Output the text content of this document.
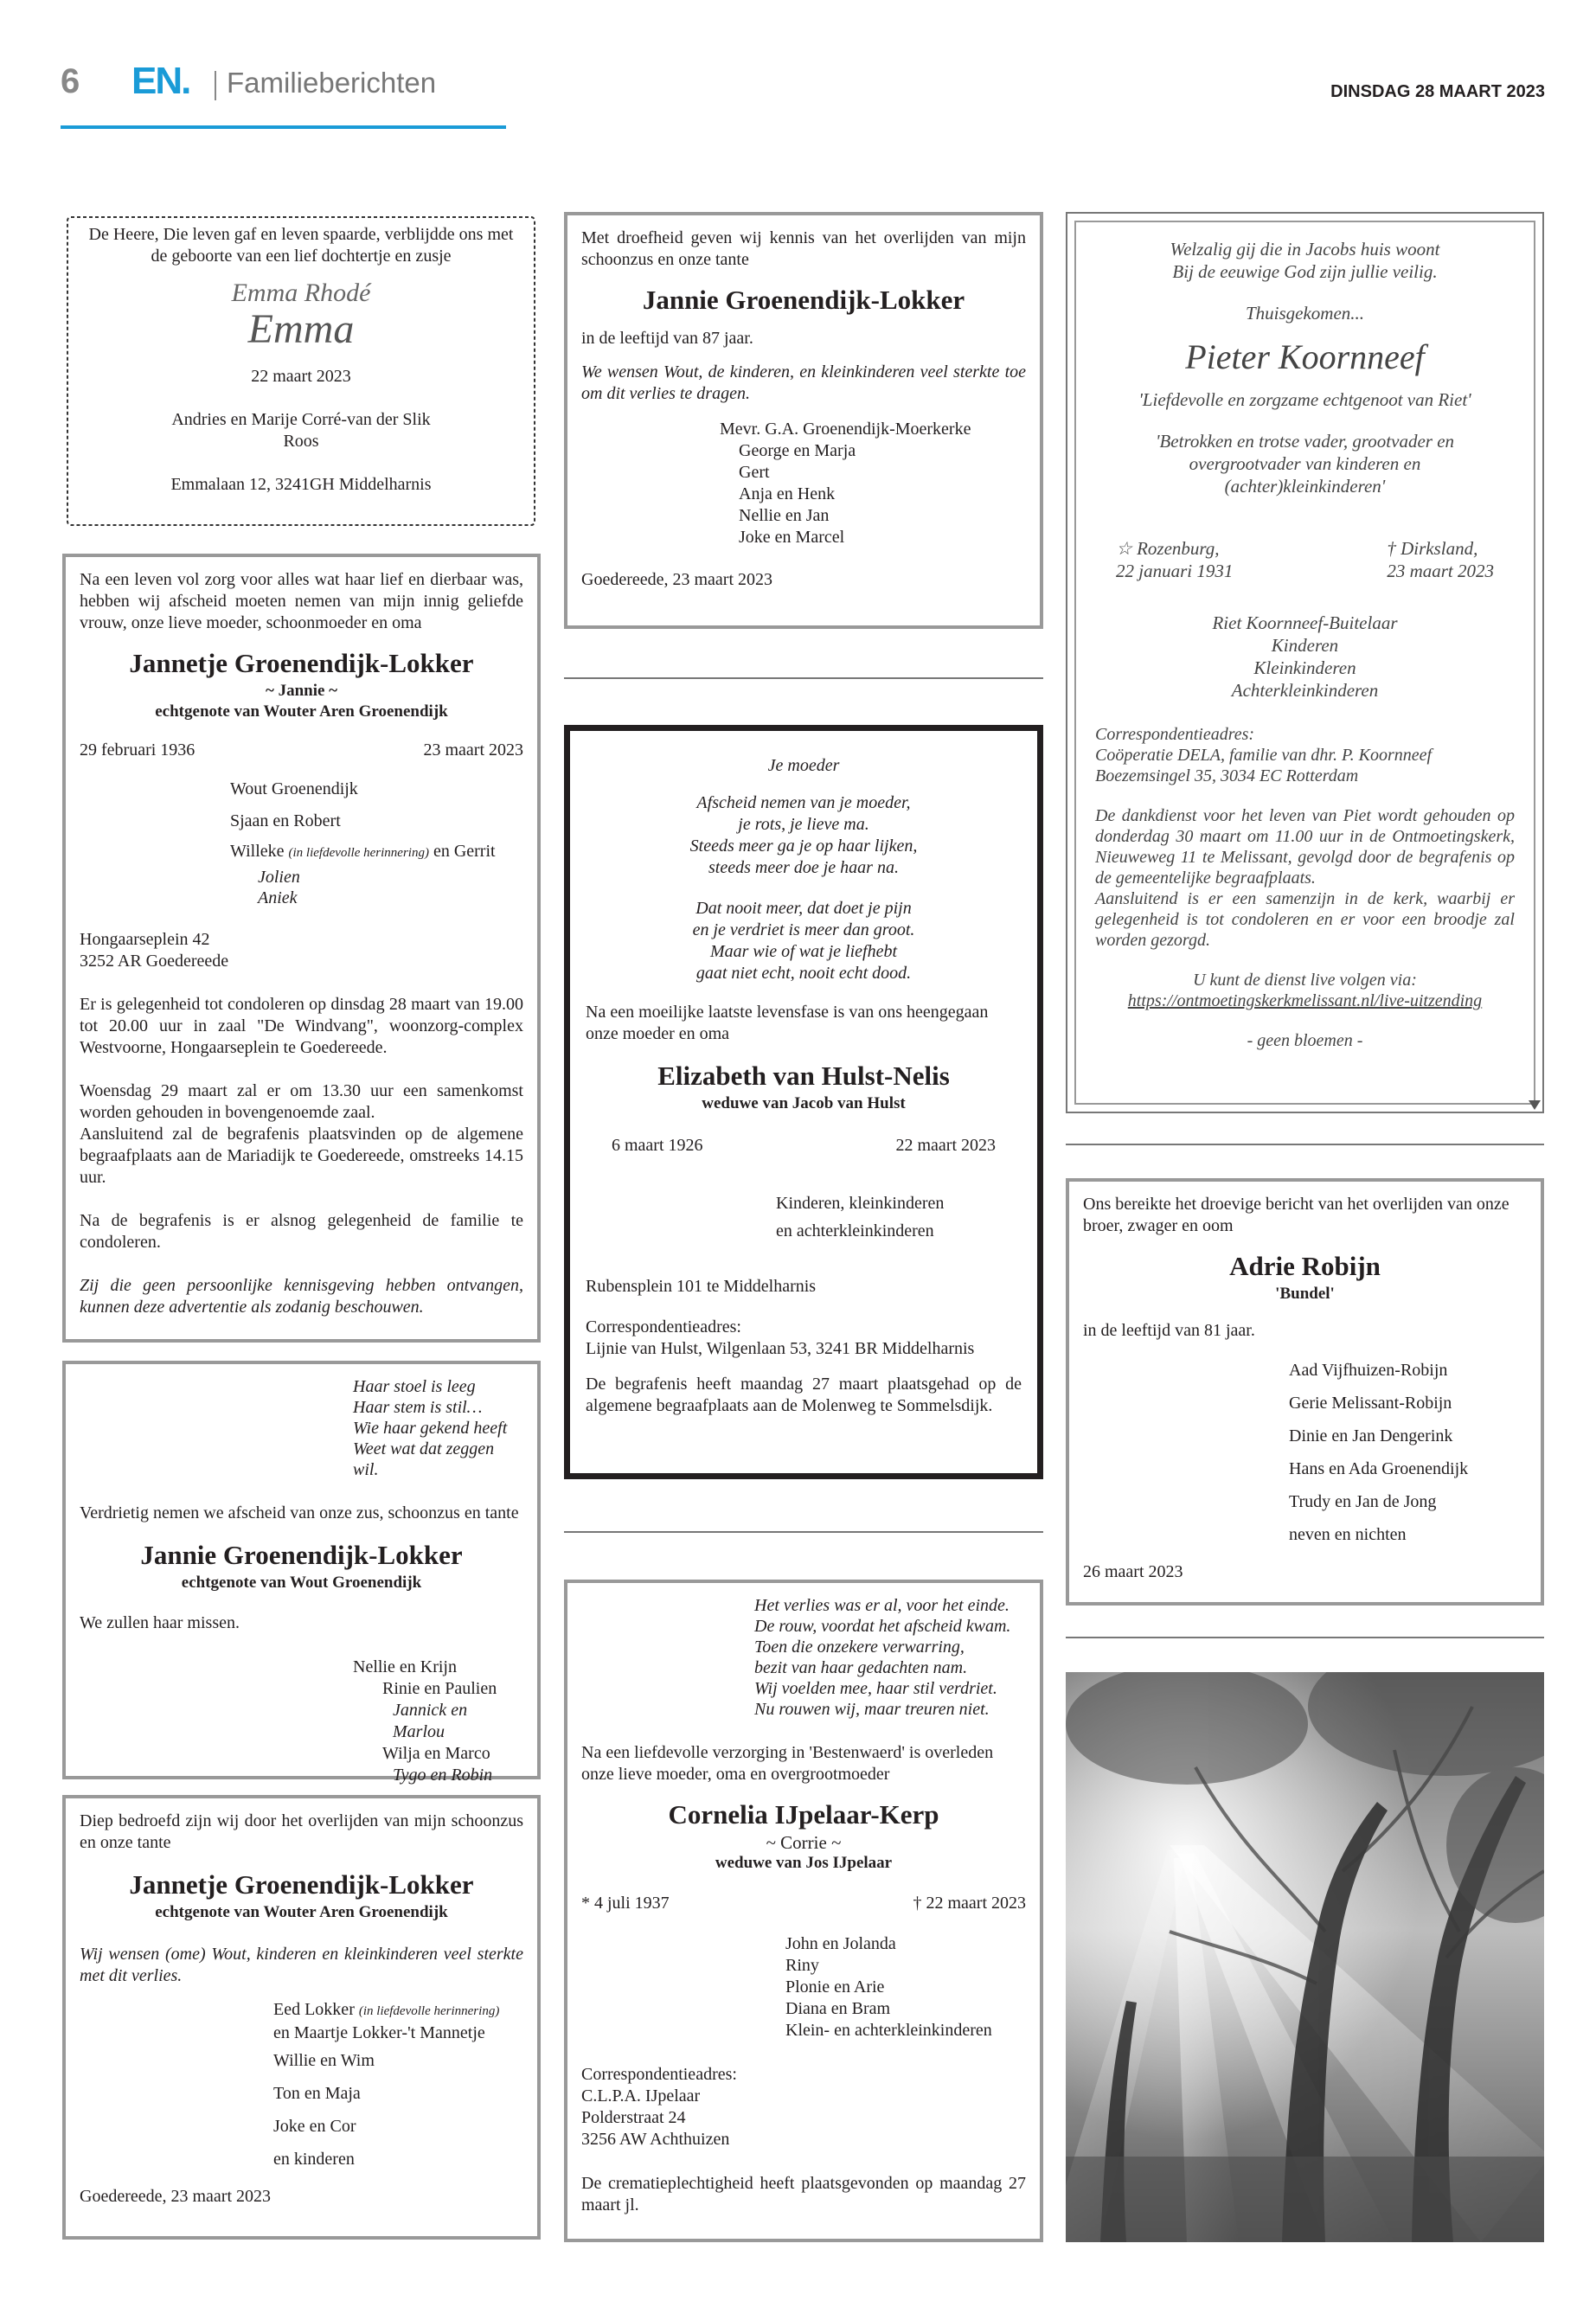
6 EN. Familieberichten	DINSDAG 28 MAART 2023

De Heere, Die leven gaf en leven spaarde, verblijdde ons met de geboorte van een lief dochtertje en zusje

Emma Rhodé

Emma

22 maart 2023

Andries en Marije Corré-van der Slik

Roos

Emmalaan 12, 3241GH Middelharnis

Na een leven vol zorg voor alles wat haar lief en dierbaar was, hebben wij afscheid moeten nemen van mijn innig geliefde vrouw, onze lieve moeder, schoonmoeder en oma

Jannetje Groenendijk-Lokker

~ Jannie ~

echtgenote van Wouter Aren Groenendijk

29 februari 1936	23 maart 2023

Wout Groenendijk

Sjaan en Robert

Willeke (in liefdevolle herinnering) en Gerrit

Jolien

Aniek

Hongaarseplein 42

3252 AR Goedereede

Er is gelegenheid tot condoleren op dinsdag 28 maart van 19.00 tot 20.00 uur in zaal "De Windvang", woonzorg-complex Westvoorne, Hongaarseplein te Goedereede.

Woensdag 29 maart zal er om 13.30 uur een samenkomst worden gehouden in bovengenoemde zaal.

Aansluitend zal de begrafenis plaatsvinden op de algemene begraafplaats aan de Mariadijk te Goedereede, omstreeks 14.15 uur.

Na de begrafenis is er alsnog gelegenheid de familie te condoleren.

Zij die geen persoonlijke kennisgeving hebben ontvangen, kunnen deze advertentie als zodanig beschouwen.

Haar stoel is leeg

Haar stem is stil…

Wie haar gekend heeft

Weet wat dat zeggen wil.

Verdrietig nemen we afscheid van onze zus, schoonzus en tante

Jannie Groenendijk-Lokker

echtgenote van Wout Groenendijk

We zullen haar missen.

Nellie en Krijn

Rinie en Paulien

Jannick en Marlou

Wilja en Marco

Tygo en Robin

Diep bedroefd zijn wij door het overlijden van mijn schoonzus en onze tante

Jannetje Groenendijk-Lokker

echtgenote van Wouter Aren Groenendijk

Wij wensen (ome) Wout, kinderen en kleinkinderen veel sterkte met dit verlies.

Eed Lokker (in liefdevolle herinnering)

en Maartje Lokker-'t Mannetje

Willie en Wim

Ton en Maja

Joke en Cor

en kinderen

Goedereede, 23 maart 2023

Met droefheid geven wij kennis van het overlijden van mijn schoonzus en onze tante

Jannie Groenendijk-Lokker

in de leeftijd van 87 jaar.

We wensen Wout, de kinderen, en kleinkinderen veel sterkte toe om dit verlies te dragen.

Mevr. G.A. Groenendijk-Moerkerke

George en Marja

Gert

Anja en Henk

Nellie en Jan

Joke en Marcel

Goedereede, 23 maart 2023

Je moeder

Afscheid nemen van je moeder,

je rots, je lieve ma.

Steeds meer ga je op haar lijken,

steeds meer doe je haar na.

Dat nooit meer, dat doet je pijn

en je verdriet is meer dan groot.

Maar wie of wat je liefhebt

gaat niet echt, nooit echt dood.

Na een moeilijke laatste levensfase is van ons heengegaan onze moeder en oma

Elizabeth van Hulst-Nelis

weduwe van Jacob van Hulst

6 maart 1926	22 maart 2023

Kinderen, kleinkinderen

en achterkleinkinderen

Rubensplein 101 te Middelharnis

Correspondentieadres:

Lijnie van Hulst, Wilgenlaan 53, 3241 BR Middelharnis

De begrafenis heeft maandag 27 maart plaatsgehad op de algemene begraafplaats aan de Molenweg te Sommelsdijk.

Het verlies was er al, voor het einde.

De rouw, voordat het afscheid kwam.

Toen die onzekere verwarring,

bezit van haar gedachten nam.

Wij voelden mee, haar stil verdriet.

Nu rouwen wij, maar treuren niet.

Na een liefdevolle verzorging in 'Bestenwaerd' is overleden onze lieve moeder, oma en overgrootmoeder

Cornelia IJpelaar-Kerp

~ Corrie ~

weduwe van Jos IJpelaar

* 4 juli 1937	† 22 maart 2023

John en Jolanda

Riny

Plonie en Arie

Diana en Bram

Klein- en achterkleinkinderen

Correspondentieadres:

C.L.P.A. IJpelaar

Polderstraat 24

3256 AW Achthuizen

De crematieplechtigheid heeft plaatsgevonden op maandag 27 maart jl.

Welzalig gij die in Jacobs huis woont

Bij de eeuwige God zijn jullie veilig.

Thuisgekomen...

Pieter Koornneef

'Liefdevolle en zorgzame echtgenoot van Riet'

'Betrokken en trotse vader, grootvader en overgrootvader van kinderen en (achter)kleinkinderen'

☆ Rozenburg,

22 januari 1931

† Dirksland,

23 maart 2023

Riet Koornneef-Buitelaar

Kinderen

Kleinkinderen

Achterkleinkinderen

Correspondentieadres:

Coöperatie DELA, familie van dhr. P. Koornneef

Boezemsingel 35, 3034 EC Rotterdam

De dankdienst voor het leven van Piet wordt gehouden op donderdag 30 maart om 11.00 uur in de Ontmoetingskerk, Nieuweweg 11 te Melissant, gevolgd door de begrafenis op de gemeentelijke begraafplaats.

Aansluitend is er een samenzijn in de kerk, waarbij er gelegenheid is tot condoleren en er voor een broodje zal worden gezorgd.

U kunt de dienst live volgen via:

https://ontmoetingskerkmelissant.nl/live-uitzending

- geen bloemen -

Ons bereikte het droevige bericht van het overlijden van onze broer, zwager en oom

Adrie Robijn

'Bundel'

in de leeftijd van 81 jaar.

Aad Vijfhuizen-Robijn

Gerie Melissant-Robijn

Dinie en Jan Dengerink

Hans en Ada Groenendijk

Trudy en Jan de Jong

neven en nichten

26 maart 2023
